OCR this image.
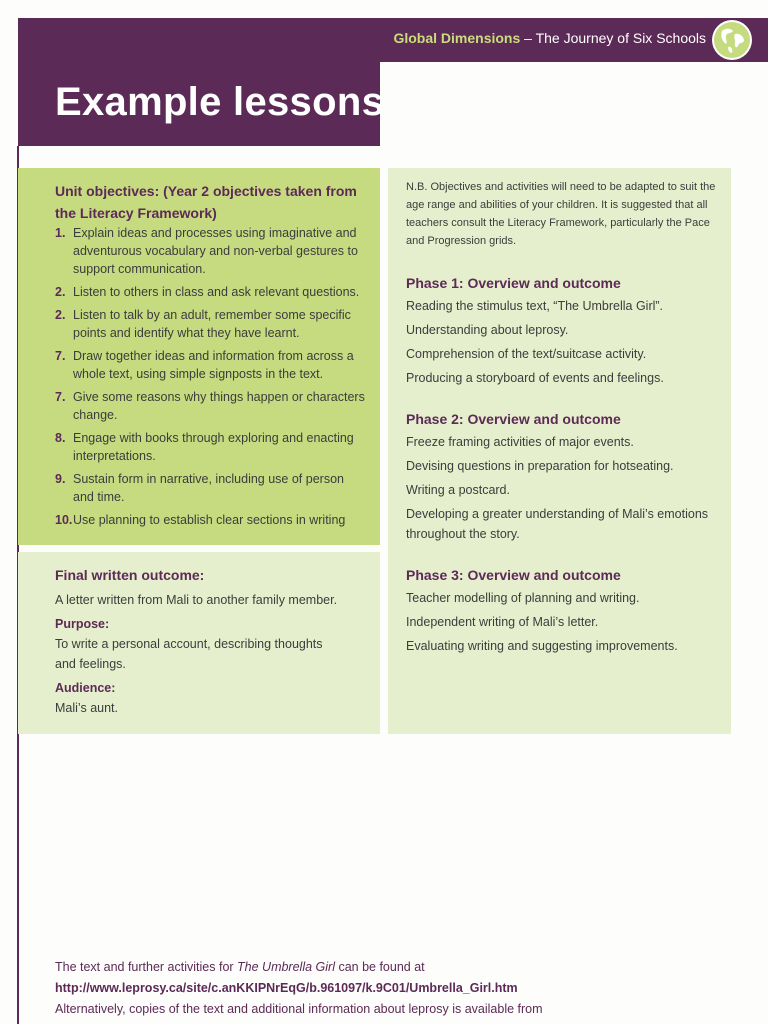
Global Dimensions – The Journey of Six Schools
Example lessons

Unit objectives: (Year 2 objectives taken from the Literacy Framework)

1. Explain ideas and processes using imaginative and adventurous vocabulary and non-verbal gestures to support communication.
2. Listen to others in class and ask relevant questions.
2. Listen to talk by an adult, remember some specific points and identify what they have learnt.
7. Draw together ideas and information from across a whole text, using simple signposts in the text.
7. Give some reasons why things happen or characters change.
8. Engage with books through exploring and enacting interpretations.
9. Sustain form in narrative, including use of person and time.
10. Use planning to establish clear sections in writing

Final written outcome:

A letter written from Mali to another family member.
Purpose:
To write a personal account, describing thoughts and feelings.
Audience:
Mali’s aunt.

N.B. Objectives and activities will need to be adapted to suit the age range and abilities of your children. It is suggested that all teachers consult the Literacy Framework, particularly the Pace and Progression grids.

Phase 1: Overview and outcome

Reading the stimulus text, “The Umbrella Girl”.
Understanding about leprosy.
Comprehension of the text/suitcase activity.
Producing a storyboard of events and feelings.

Phase 2: Overview and outcome

Freeze framing activities of major events.
Devising questions in preparation for hotseating.
Writing a postcard.
Developing a greater understanding of Mali’s emotions throughout the story.

Phase 3: Overview and outcome

Teacher modelling of planning and writing.
Independent writing of Mali’s letter.
Evaluating writing and suggesting improvements.
The text and further activities for The Umbrella Girl can be found at
http://www.leprosy.ca/site/c.anKKIPNrEqG/b.961097/k.9C01/Umbrella_Girl.htm
Alternatively, copies of the text and additional information about leprosy is available from
